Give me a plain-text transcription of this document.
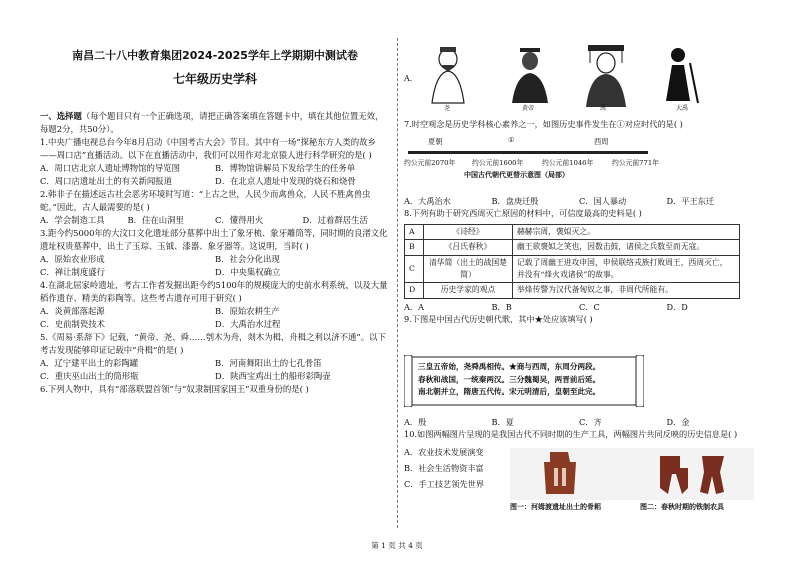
南昌二十八中教育集团2024-2025学年上学期期中测试卷
七年级历史学科

一、选择题（每个题目只有一个正确选项，请把正确答案填在答题卡中，填在其他位置无效，每题2分，共50分）。

1.中央广播电视总台今年8月启动《中国考古大会》节目。其中有一场“探秘东方人类的故乡——周口店”直播活动。以下在直播活动中，我们可以用作对北京猿人进行科学研究的是( )

A．周口店北京人遗址博物馆的导览图	B．博物馆讲解员下发给学生的任务单
C．周口店遗址出土的有关新闻报道	D．在北京人遗址中发现的烧石和烧骨

2.韩非子在描述远古社会恶劣环境时写道：“上古之世，人民少而禽兽众，人民不胜禽兽虫蛇。”因此，古人最需要的是( )

A．学会制造工具	B．住在山洞里	C．懂得用火	D．过着群居生活

3.距今约5000年的大汶口文化遗址部分墓葬中出土了象牙梳、象牙雕筒等，同时期的良渚文化遗址权贵墓葬中，出土了玉琮、玉钺、漆器、象牙器等。这说明，当时( )

A．原始农业形成	B．社会分化出现
C．禅让制度盛行	D．中央集权确立

4.在湖北屈家岭遗址，考古工作者发掘出距今约5100年的规模庞大的史前水利系统，以及大量稻作遗存、精美的彩陶等。这些考古遗存可用于研究( )

A．炎黄部落起源	B．原始农耕生产
C．史前制瓷技术	D．大禹治水过程

5.《周易·系辞下》记载，“黄帝、尧、舜……刳木为舟，剡木为楫，舟楫之利以济不通”。以下考古发现能够印证记载中“舟楫”的是( )

A．辽宁建平出土的彩陶罐	B．河南舞阳出土的七孔骨笛
C．重庆巫山出土的筒形瓶	D．陕西宝鸡出土的船形彩陶壶

6.下列人物中，具有“部落联盟首领”与“奴隶制国家国王”双重身份的是( )

A．
尧	黄帝	禹	大禹
7.时空观念是历史学科核心素养之一，如图历史事件发生在①对应时代的是( )
夏朝	①	西周
约公元前2070年 约公元前1600年	约公元前1046年	约公元前771年
中国古代朝代更替示意图（局部）
A．大禹治水	B．盘庚迁殷	C．国人暴动	D．平王东迁

8.下列有助于研究西周灭亡原因的材料中，可信度最高的史料是( )

A	《诗经》	赫赫宗周，褒姒灭之。
B	《吕氏春秋》	幽王欲褒姒之笑也，因数击鼓，诸侯之兵数至而无寇。
C	清华简（出土的战国楚简）	记载了周幽王进攻申国，申侯联络戎族打败周王，西周灭亡，并没有“烽火戏诸侯”的故事。
D	历史学家的观点	举烽传警为汉代备匈奴之事，非周代所能有。
A．A	B．B	C．C	D．D

9.下图是中国古代历史朝代歌，其中★处应该填写( )

三皇五帝始，尧舜禹相传。★商与西周，东周分两段。
春秋和战国，一统秦两汉。三分魏蜀吴，两晋前后延。
南北朝并立，隋唐五代传。宋元明清后，皇朝至此完。
A．殷	B．夏	C．齐	D．金

10.如图两幅图片呈现的是我国古代不同时期的生产工具，两幅图片共同反映的历史信息是( )

A．农业技术发展演变
B．社会生活物资丰富
C．手工技艺领先世界
图一：河姆渡遗址出土的骨耜	图二：春秋时期的铁制农具
第 1 页 共 4 页
